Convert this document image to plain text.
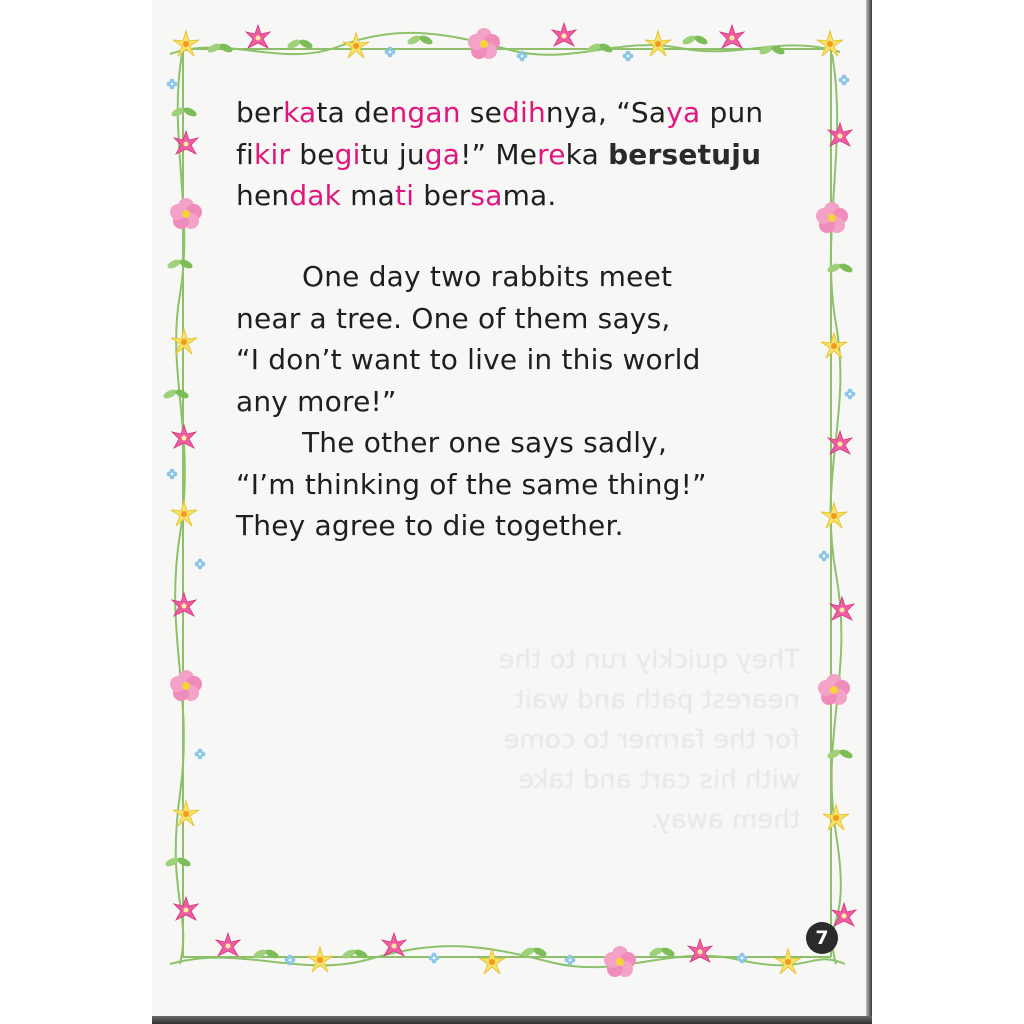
They quickly run to the
nearest path and wait
for the farmer to come
with his cart and take
them away.
berkata dengan sedihnya, “Saya pun
fikir begitu juga!” Mereka bersetuju
hendak mati bersama.
One day two rabbits meet
near a tree. One of them says,
“I don’t want to live in this world
any more!”
The other one says sadly,
“I’m thinking of the same thing!”
They agree to die together.
7
